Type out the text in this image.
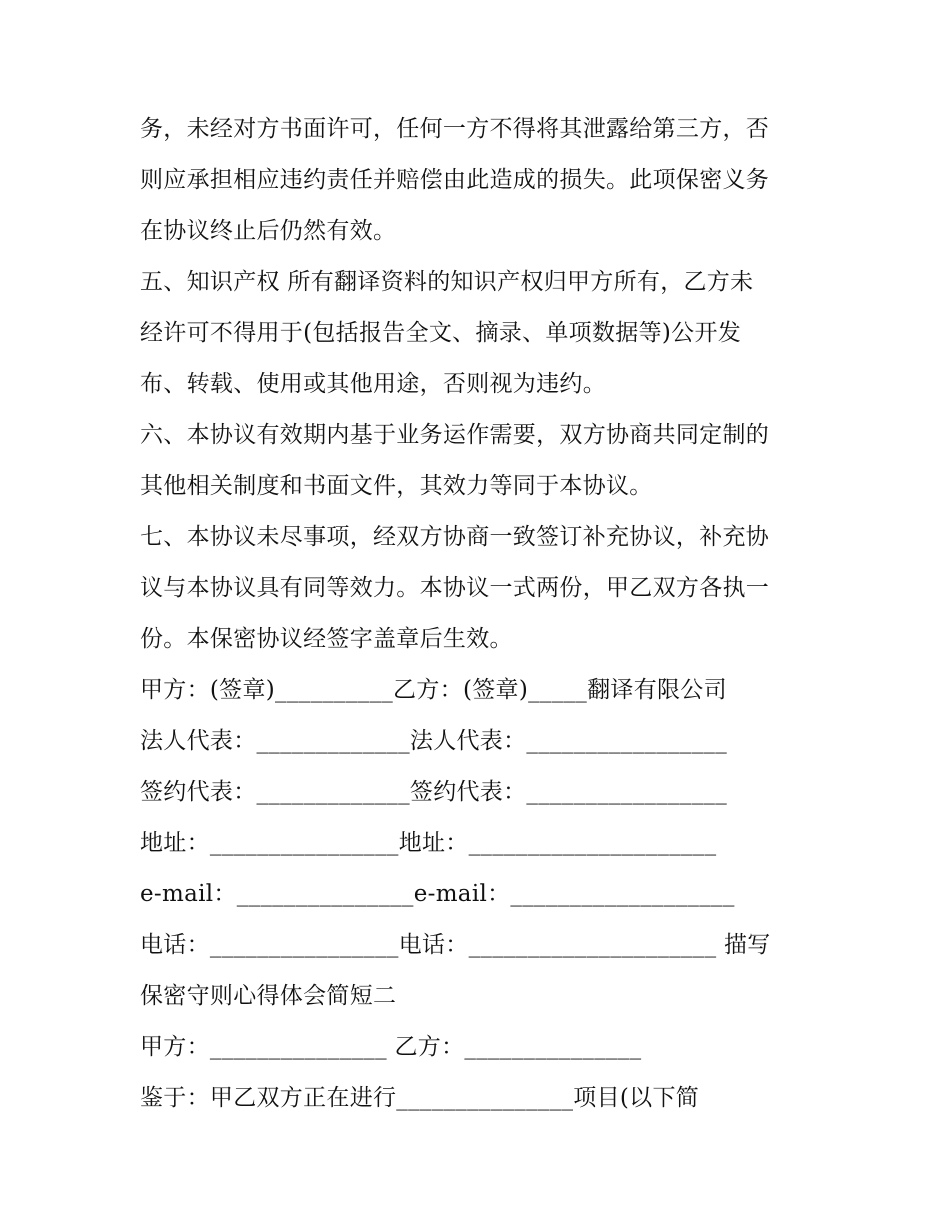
务，未经对方书面许可，任何一方不得将其泄露给第三方，否
则应承担相应违约责任并赔偿由此造成的损失。此项保密义务
在协议终止后仍然有效。
五、知识产权 所有翻译资料的知识产权归甲方所有，乙方未
经许可不得用于(包括报告全文、摘录、单项数据等)公开发
布、转载、使用或其他用途，否则视为违约。
六、本协议有效期内基于业务运作需要，双方协商共同定制的
其他相关制度和书面文件，其效力等同于本协议。
七、本协议未尽事项，经双方协商一致签订补充协议，补充协
议与本协议具有同等效力。本协议一式两份，甲乙双方各执一
份。本保密协议经签字盖章后生效。
甲方：(签章)__________乙方：(签章)_____翻译有限公司
法人代表：_____________法人代表：_________________
签约代表：_____________签约代表：_________________
地址：________________地址：_____________________
e-mail：_______________e-mail：___________________
电话：________________电话：_____________________ 描写
保密守则心得体会简短二
甲方：_______________ 乙方：_______________
鉴于：甲乙双方正在进行_______________项目(以下简
